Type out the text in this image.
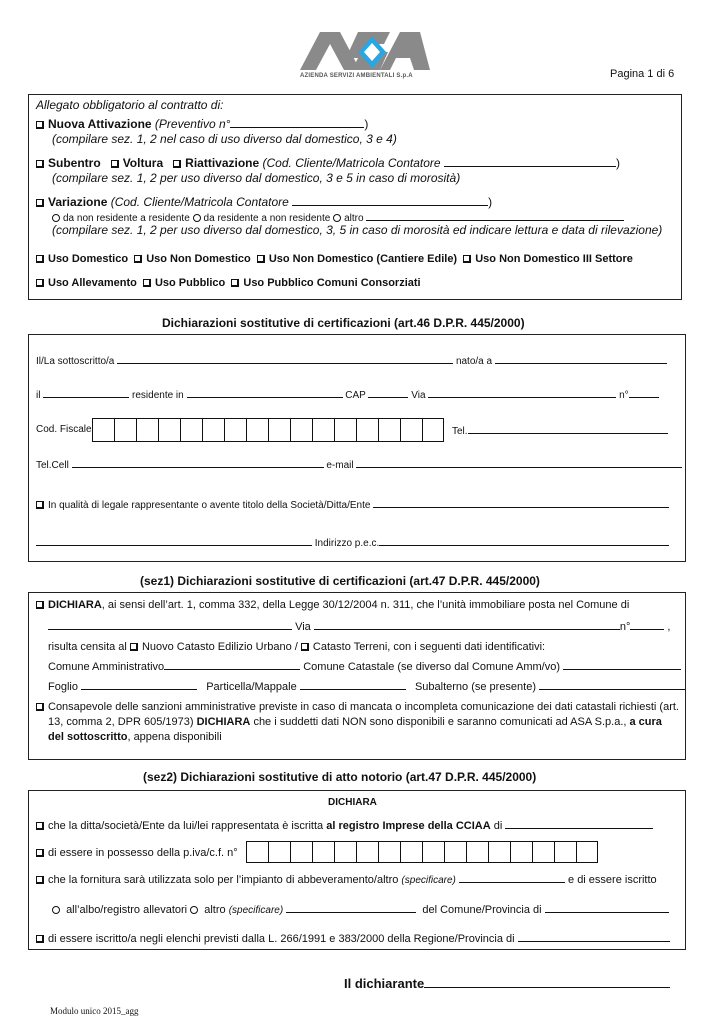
AZIENDA SERVIZI AMBIENTALI S.p.A	Pagina 1 di 6
Allegato obbligatorio al contratto di:
Nuova Attivazione (Preventivo n°	)
(compilare sez. 1, 2 nel caso di uso diverso dal domestico, 3 e 4)
Subentro Voltura Riattivazione (Cod. Cliente/Matricola Contatore	)
(compilare sez. 1, 2 per uso diverso dal domestico, 3 e 5 in caso di morosità)
Variazione (Cod. Cliente/Matricola Contatore	)
da non residente a residente da residente a non residente altro
(compilare sez. 1, 2 per uso diverso dal domestico, 3, 5 in caso di morosità ed indicare lettura e data di rilevazione)
Uso Domestico Uso Non Domestico Uso Non Domestico (Cantiere Edile) Uso Non Domestico III Settore
Uso Allevamento Uso Pubblico Uso Pubblico Comuni Consorziati
Dichiarazioni sostitutive di certificazioni (art.46 D.P.R. 445/2000)
Il/La sottoscritto/a	nato/a a
il	residente in	CAP	Via	n°
Cod. Fiscale	Tel.
Tel.Cell	e-mail
In qualità di legale rappresentante o avente titolo della Società/Ditta/Ente
Indirizzo p.e.c.
(sez1) Dichiarazioni sostitutive di certificazioni (art.47 D.P.R. 445/2000)
DICHIARA, ai sensi dell’art. 1, comma 332, della Legge 30/12/2004 n. 311, che l’unità immobiliare posta nel Comune di
Via	n°	,
risulta censita al Nuovo Catasto Edilizio Urbano / Catasto Terreni, con i seguenti dati identificativi:
Comune Amministrativo	Comune Catastale (se diverso dal Comune Amm/vo)
Foglio	Particella/Mappale	Subalterno (se presente)
Consapevole delle sanzioni amministrative previste in caso di mancata o incompleta comunicazione dei dati catastali richiesti (art.
13, comma 2, DPR 605/1973) DICHIARA che i suddetti dati NON sono disponibili e saranno comunicati ad ASA S.p.a., a cura
del sottoscritto, appena disponibili
(sez2) Dichiarazioni sostitutive di atto notorio (art.47 D.P.R. 445/2000)
DICHIARA
che la ditta/società/Ente da lui/lei rappresentata è iscritta al registro Imprese della CCIAA di
di essere in possesso della p.iva/c.f. n°
che la fornitura sarà utilizzata solo per l’impianto di abbeveramento/altro (specificare)	e di essere iscritto
all’albo/registro allevatori altro (specificare)	del Comune/Provincia di
di essere iscritto/a negli elenchi previsti dalla L. 266/1991 e 383/2000 della Regione/Provincia di
Il dichiarante
Modulo unico 2015_agg
